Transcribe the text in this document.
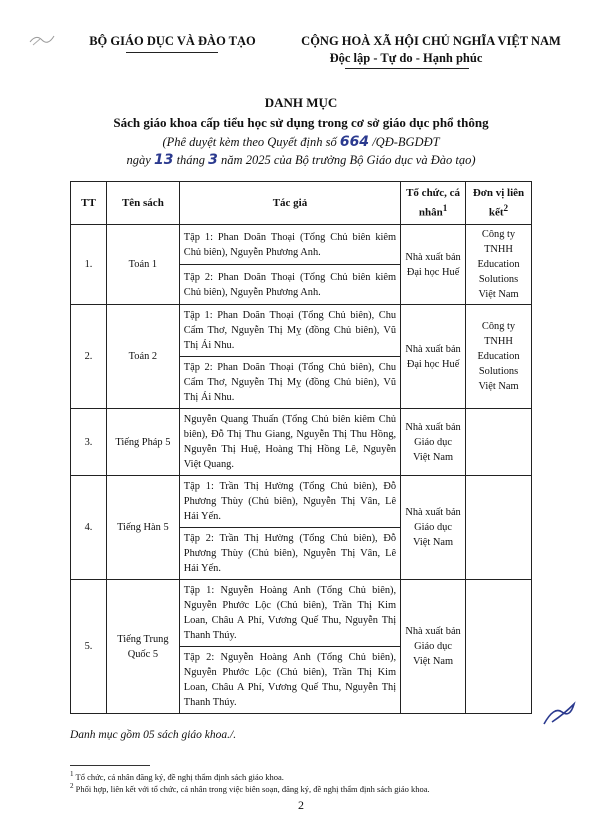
BỘ GIÁO DỤC VÀ ĐÀO TẠO	CỘNG HOÀ XÃ HỘI CHỦ NGHĨA VIỆT NAM
Độc lập - Tự do - Hạnh phúc
DANH MỤC
Sách giáo khoa cấp tiểu học sử dụng trong cơ sở giáo dục phổ thông
(Phê duyệt kèm theo Quyết định số 664 /QĐ-BGDĐT
ngày 13 tháng 3 năm 2025 của Bộ trưởng Bộ Giáo dục và Đào tạo)
TT	Tên sách	Tác giả	Tổ chức, cá nhân$^1$	Đơn vị liên kết$^2$
1.	Toán 1	Tập 1: Phan Doãn Thoại (Tổng Chủ biên kiêm Chủ biên), Nguyễn Phương Anh.	Nhà xuất bản Đại học Huế	Công ty TNHH Education Solutions Việt Nam
		Tập 2: Phan Doãn Thoại (Tổng Chủ biên kiêm Chủ biên), Nguyễn Phương Anh.		
2.	Toán 2	Tập 1: Phan Doãn Thoại (Tổng Chủ biên), Chu Cẩm Thơ, Nguyễn Thị Mỵ (đồng Chủ biên), Vũ Thị Ái Nhu.	Nhà xuất bản Đại học Huế	Công ty TNHH Education Solutions Việt Nam
		Tập 2: Phan Doãn Thoại (Tổng Chủ biên), Chu Cẩm Thơ, Nguyễn Thị Mỵ (đồng Chủ biên), Vũ Thị Ái Nhu.		
3.	Tiếng Pháp 5	Nguyễn Quang Thuấn (Tổng Chủ biên kiêm Chủ biên), Đỗ Thị Thu Giang, Nguyễn Thị Thu Hồng, Nguyễn Thị Huệ, Hoàng Thị Hồng Lê, Nguyễn Việt Quang.	Nhà xuất bản Giáo dục Việt Nam	
4.	Tiếng Hàn 5	Tập 1: Trần Thị Hường (Tổng Chủ biên), Đỗ Phương Thùy (Chủ biên), Nguyễn Thị Vân, Lê Hải Yến.	Nhà xuất bản Giáo dục Việt Nam	
		Tập 2: Trần Thị Hường (Tổng Chủ biên), Đỗ Phương Thùy (Chủ biên), Nguyễn Thị Vân, Lê Hải Yến.		
5.	Tiếng Trung Quốc 5	Tập 1: Nguyễn Hoàng Anh (Tổng Chủ biên), Nguyễn Phước Lộc (Chủ biên), Trần Thị Kim Loan, Châu A Phí, Vương Quế Thu, Nguyễn Thị Thanh Thúy.	Nhà xuất bản Giáo dục Việt Nam	
		Tập 2: Nguyễn Hoàng Anh (Tổng Chủ biên), Nguyễn Phước Lộc (Chủ biên), Trần Thị Kim Loan, Châu A Phí, Vương Quế Thu, Nguyễn Thị Thanh Thúy.		
Danh mục gồm 05 sách giáo khoa./.
$^1$ Tổ chức, cá nhân đăng ký, đề nghị thẩm định sách giáo khoa.
$^2$ Phối hợp, liên kết với tổ chức, cá nhân trong việc biên soạn, đăng ký, đề nghị thẩm định sách giáo khoa.
2
